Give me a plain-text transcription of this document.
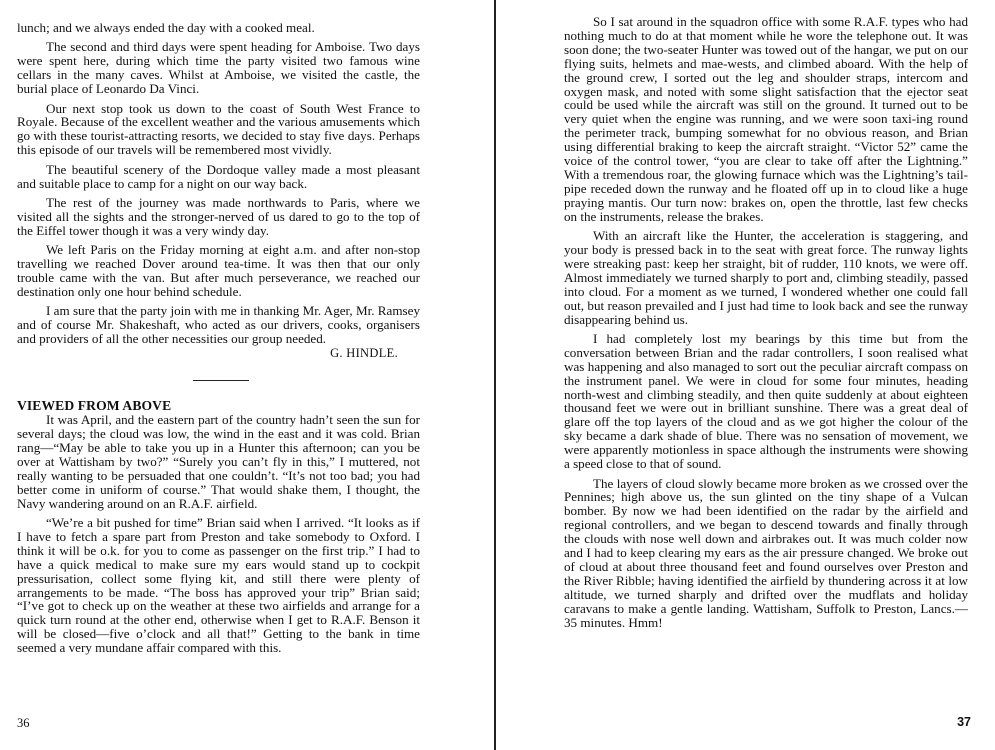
lunch; and we always ended the day with a cooked meal.

The second and third days were spent heading for Amboise. Two days were spent here, during which time the party visited two famous wine cellars in the many caves. Whilst at Amboise, we visited the castle, the burial place of Leonardo Da Vinci.

Our next stop took us down to the coast of South West France to Royale. Because of the excellent weather and the various amusements which go with these tourist-attracting resorts, we decided to stay five days. Perhaps this episode of our travels will be remembered most vividly.

The beautiful scenery of the Dordoque valley made a most pleasant and suitable place to camp for a night on our way back.

The rest of the journey was made northwards to Paris, where we visited all the sights and the stronger-nerved of us dared to go to the top of the Eiffel tower though it was a very windy day.

We left Paris on the Friday morning at eight a.m. and after non-stop travelling we reached Dover around tea-time. It was then that our only trouble came with the van. But after much perseverance, we reached our destination only one hour behind schedule.

I am sure that the party join with me in thanking Mr. Ager, Mr. Ramsey and of course Mr. Shakeshaft, who acted as our drivers, cooks, organisers and providers of all the other necessities our group needed.

G. HINDLE.
VIEWED FROM ABOVE

It was April, and the eastern part of the country hadn’t seen the sun for several days; the cloud was low, the wind in the east and it was cold. Brian rang—“May be able to take you up in a Hunter this afternoon; can you be over at Wattisham by two?” “Surely you can’t fly in this,” I muttered, not really wanting to be persuaded that one couldn’t. “It’s not too bad; you had better come in uniform of course.” That would shake them, I thought, the Navy wandering around on an R.A.F. airfield.

“We’re a bit pushed for time” Brian said when I arrived. “It looks as if I have to fetch a spare part from Preston and take somebody to Oxford. I think it will be o.k. for you to come as passenger on the first trip.” I had to have a quick medical to make sure my ears would stand up to cockpit pressurisation, collect some flying kit, and still there were plenty of arrangements to be made. “The boss has approved your trip” Brian said; “I’ve got to check up on the weather at these two airfields and arrange for a quick turn round at the other end, otherwise when I get to R.A.F. Benson it will be closed—five o’clock and all that!” Getting to the bank in time seemed a very mundane affair compared with this.

36

So I sat around in the squadron office with some R.A.F. types who had nothing much to do at that moment while he wore the telephone out. It was soon done; the two-seater Hunter was towed out of the hangar, we put on our flying suits, helmets and mae-wests, and climbed aboard. With the help of the ground crew, I sorted out the leg and shoulder straps, intercom and oxygen mask, and noted with some slight satisfaction that the ejector seat could be used while the aircraft was still on the ground. It turned out to be very quiet when the engine was running, and we were soon taxi-ing round the perimeter track, bumping somewhat for no obvious reason, and Brian using differential braking to keep the aircraft straight. “Victor 52” came the voice of the control tower, “you are clear to take off after the Lightning.” With a tremendous roar, the glowing furnace which was the Lightning’s tail-pipe receded down the runway and he floated off up in to cloud like a huge praying mantis. Our turn now: brakes on, open the throttle, last few checks on the instruments, release the brakes.

With an aircraft like the Hunter, the acceleration is staggering, and your body is pressed back in to the seat with great force. The runway lights were streaking past: keep her straight, bit of rudder, 110 knots, we were off. Almost immediately we turned sharply to port and, climbing steadily, passed into cloud. For a moment as we turned, I wondered whether one could fall out, but reason prevailed and I just had time to look back and see the runway disappearing behind us.

I had completely lost my bearings by this time but from the conversation between Brian and the radar controllers, I soon realised what was happening and also managed to sort out the peculiar aircraft compass on the instrument panel. We were in cloud for some four minutes, heading north-west and climbing steadily, and then quite suddenly at about eighteen thousand feet we were out in brilliant sunshine. There was a great deal of glare off the top layers of the cloud and as we got higher the colour of the sky became a dark shade of blue. There was no sensation of movement, we were apparently motionless in space although the instruments were showing a speed close to that of sound.

The layers of cloud slowly became more broken as we crossed over the Pennines; high above us, the sun glinted on the tiny shape of a Vulcan bomber. By now we had been identified on the radar by the airfield and regional controllers, and we began to descend towards and finally through the clouds with nose well down and airbrakes out. It was much colder now and I had to keep clearing my ears as the air pressure changed. We broke out of cloud at about three thousand feet and found ourselves over Preston and the River Ribble; having identified the airfield by thundering across it at low altitude, we turned sharply and drifted over the mudflats and holiday caravans to make a gentle landing. Wattisham, Suffolk to Preston, Lancs.—35 minutes. Hmm!

37
